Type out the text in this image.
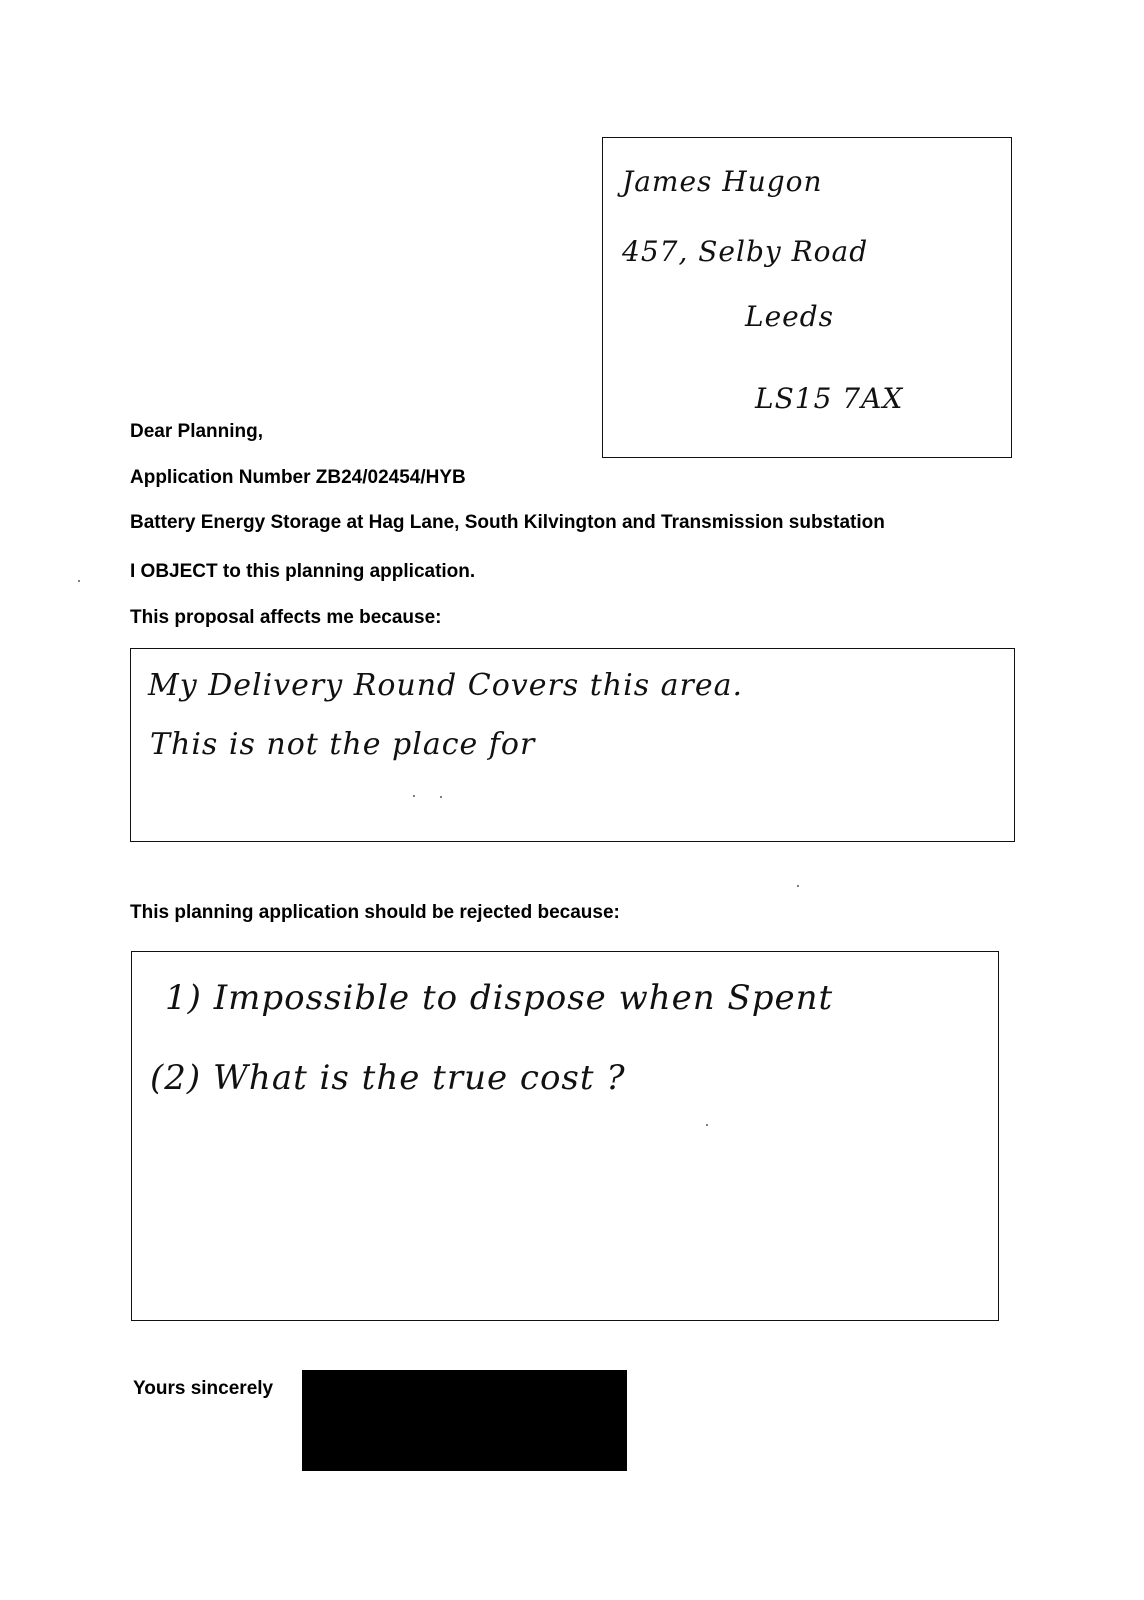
James Hugon
457, Selby Road
Leeds
LS15 7AX
Dear Planning,
Application Number ZB24/02454/HYB
Battery Energy Storage at Hag Lane, South Kilvington and Transmission substation
I OBJECT to this planning application.
This proposal affects me because:
My Delivery Round Covers this area.
This is not the place for
This planning application should be rejected because:
1) Impossible to dispose when Spent
(2) What is the true cost ?
Yours sincerely
